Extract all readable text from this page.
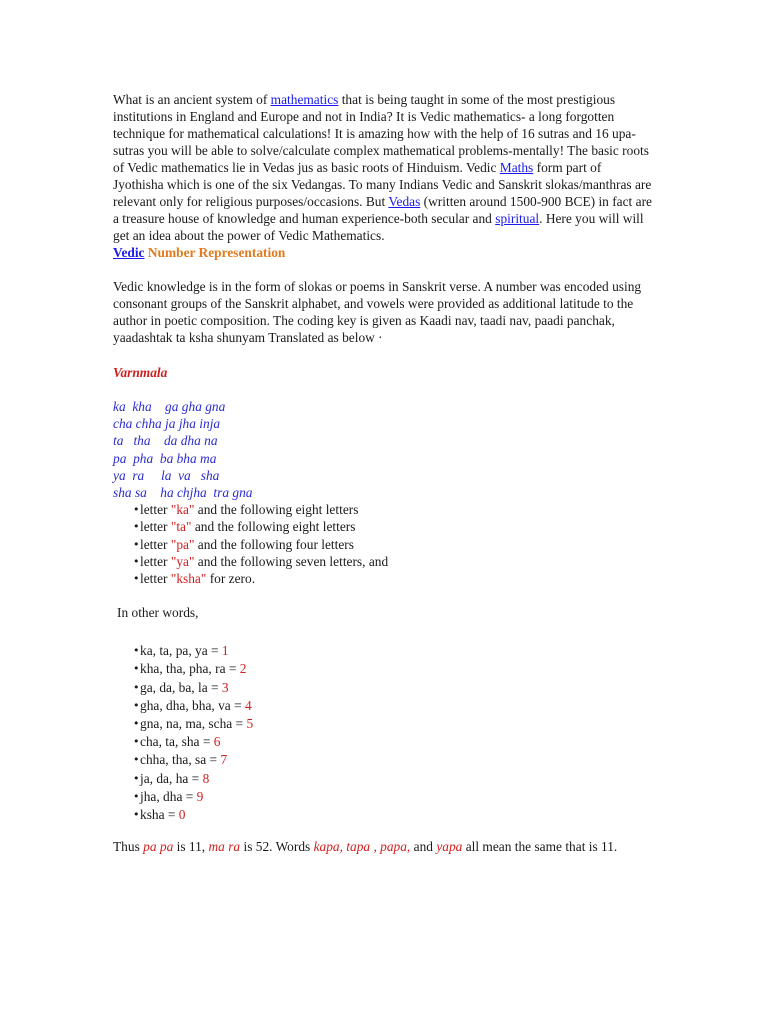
What is an ancient system of mathematics that is being taught in some of the most prestigious institutions in England and Europe and not in India? It is Vedic mathematics- a long forgotten technique for mathematical calculations! It is amazing how with the help of 16 sutras and 16 upa-sutras you will be able to solve/calculate complex mathematical problems-mentally! The basic roots of Vedic mathematics lie in Vedas jus as basic roots of Hinduism. Vedic Maths form part of Jyothisha which is one of the six Vedangas. To many Indians Vedic and Sanskrit slokas/manthras are relevant only for religious purposes/occasions. But Vedas (written around 1500-900 BCE) in fact are a treasure house of knowledge and human experience-both secular and spiritual. Here you will will get an idea about the power of Vedic Mathematics.

Vedic Number Representation

Vedic knowledge is in the form of slokas or poems in Sanskrit verse. A number was encoded using consonant groups of the Sanskrit alphabet, and vowels were provided as additional latitude to the author in poetic composition. The coding key is given as Kaadi nav, taadi nav, paadi panchak, yaadashtak ta ksha shunyam Translated as below ·

Varnmala

ka  kha    ga gha gna

cha chha ja jha inja

ta   tha    da dha na

pa  pha  ba bha ma

ya  ra     la  va   sha

sha sa    ha chjha  tra gna

• letter "ka" and the following eight letters
• letter "ta" and the following eight letters
• letter "pa" and the following four letters
• letter "ya" and the following seven letters, and
• letter "ksha" for zero.

In other words,

• ka, ta, pa, ya = 1
• kha, tha, pha, ra = 2
• ga, da, ba, la = 3
• gha, dha, bha, va = 4
• gna, na, ma, scha = 5
• cha, ta, sha = 6
• chha, tha, sa = 7
• ja, da, ha = 8
• jha, dha = 9
• ksha = 0

Thus pa pa is 11, ma ra is 52. Words kapa, tapa , papa, and yapa all mean the same that is 11.
